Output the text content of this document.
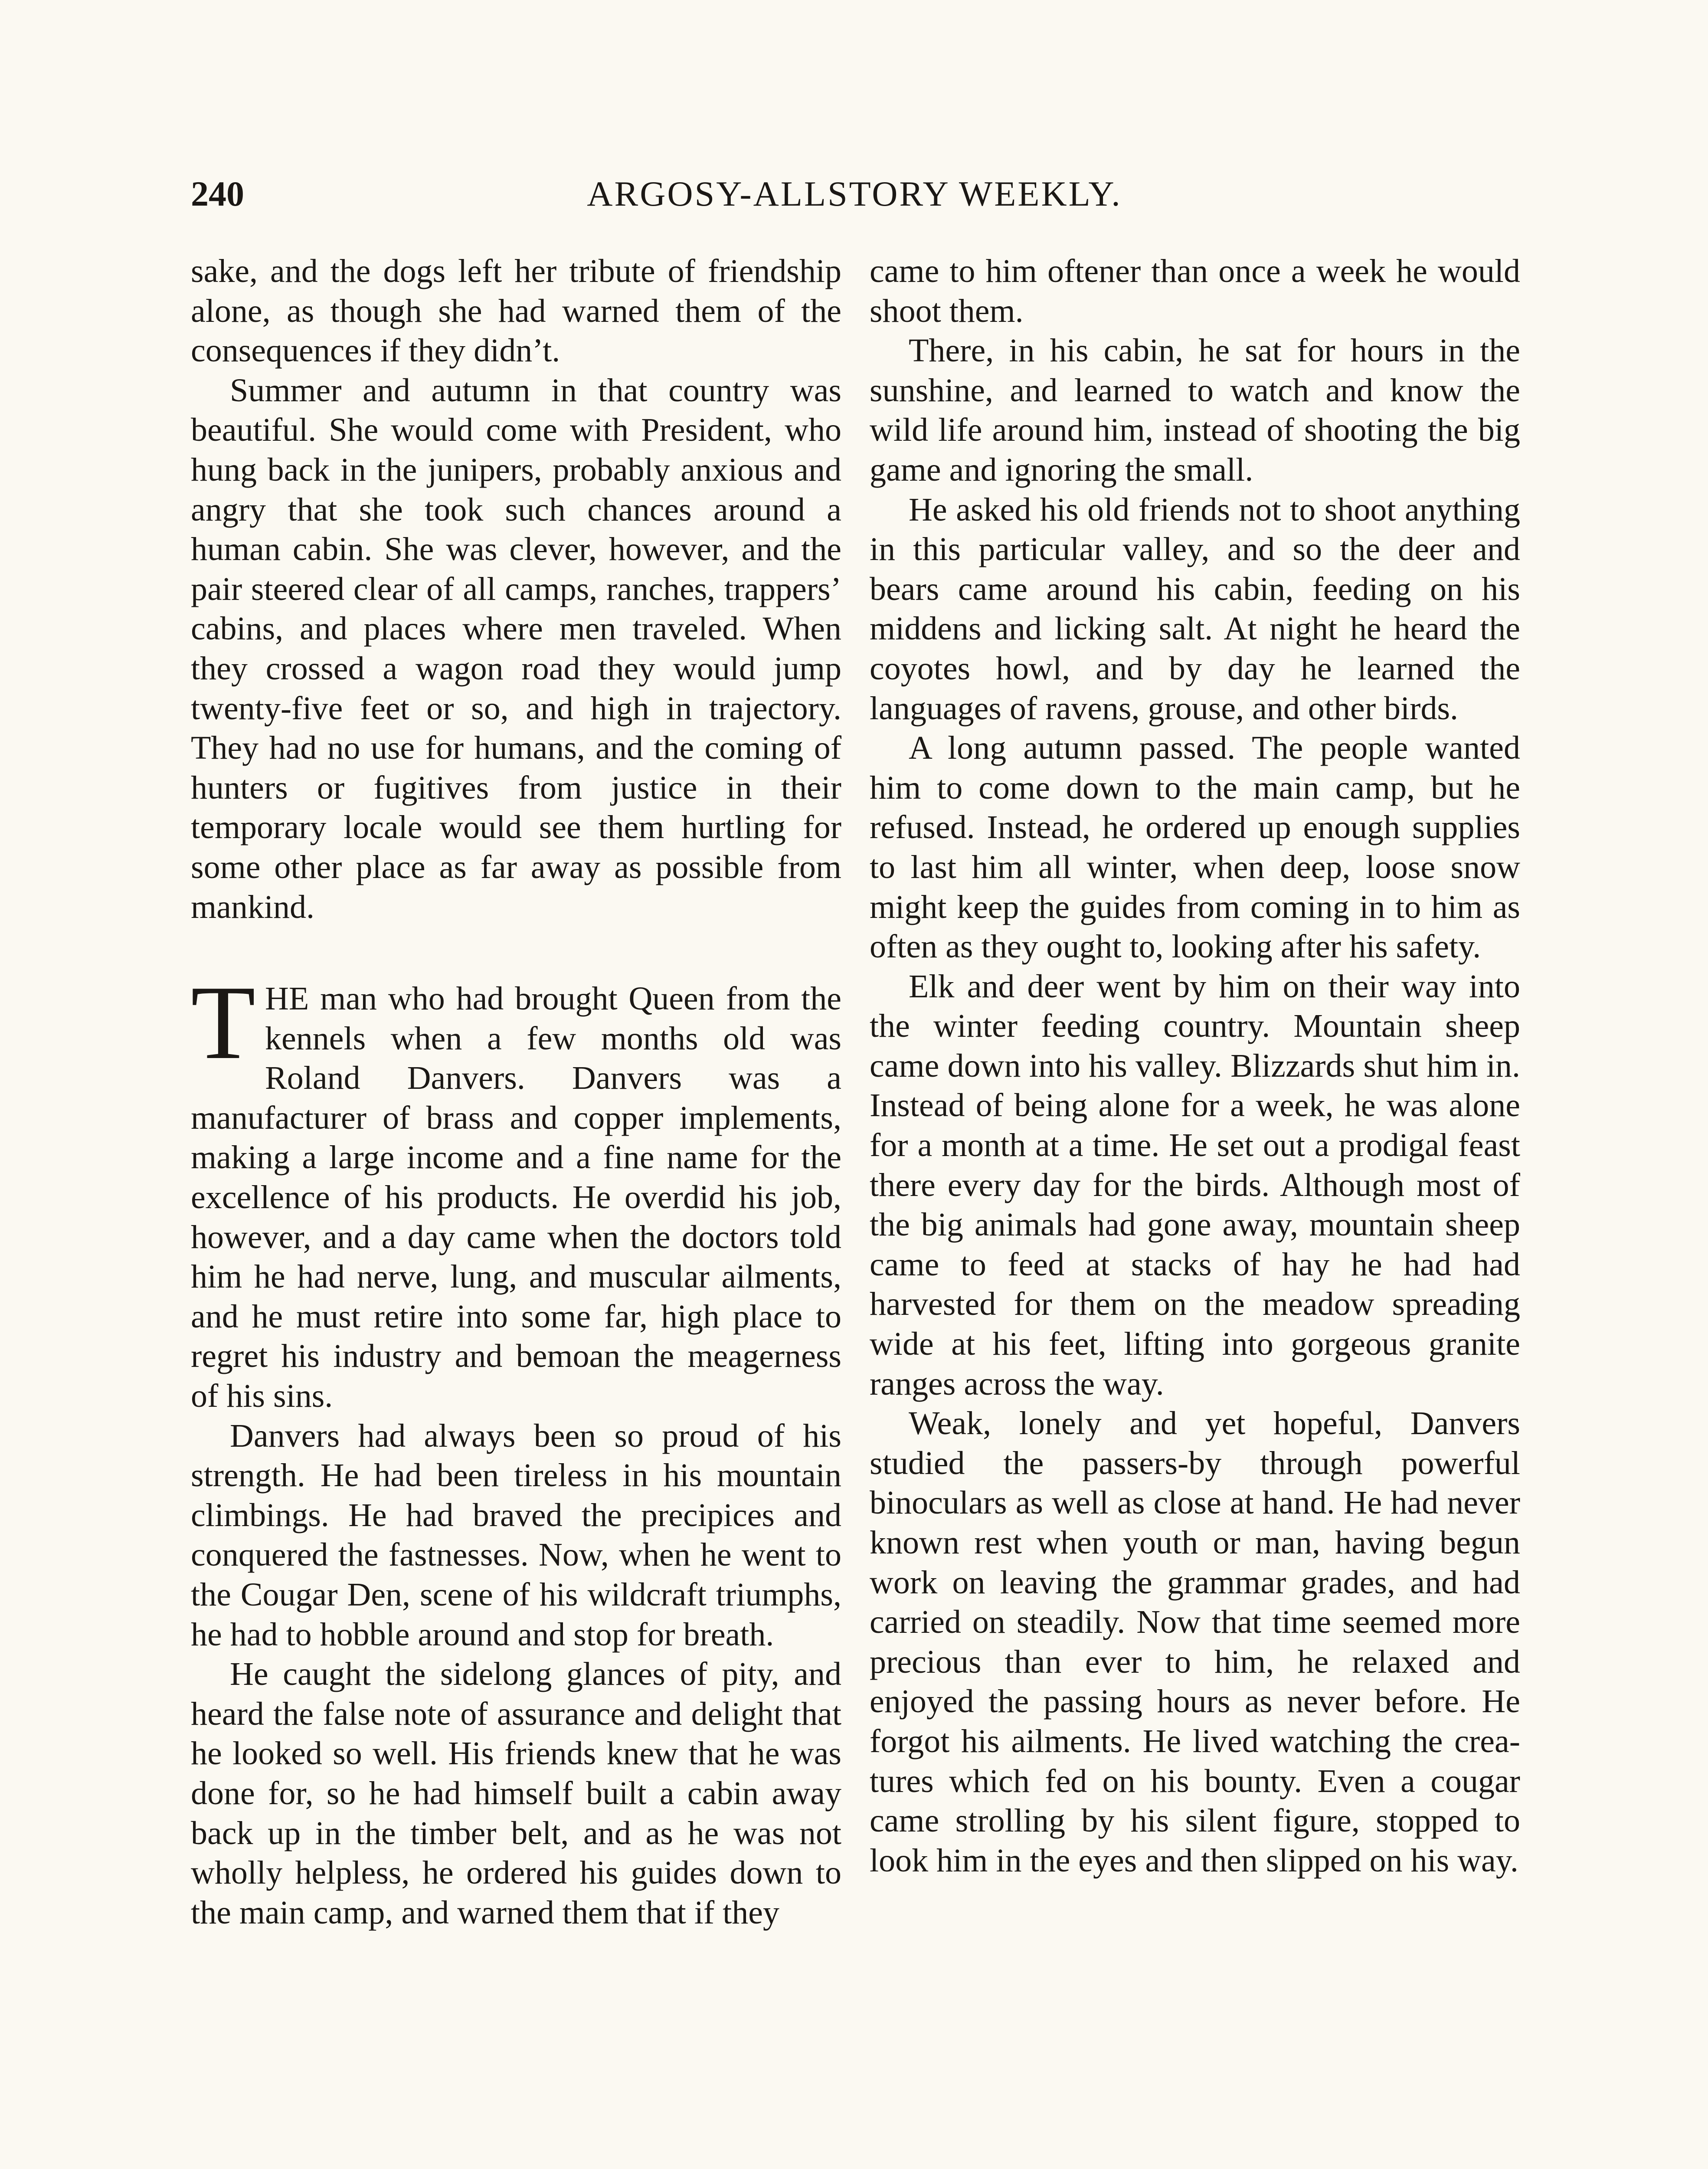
240	ARGOSY-ALLSTORY WEEKLY.

sake, and the dogs left her tribute of friendship alone, as though she had warned them of the consequences if they didn’t.

Summer and autumn in that country was beautiful. She would come with President, who hung back in the junipers, probably anxious and angry that she took such chances around a human cabin. She was clever, however, and the pair steered clear of all camps, ranches, trappers’ cabins, and places where men traveled. When they crossed a wagon road they would jump twenty-five feet or so, and high in trajectory. They had no use for humans, and the coming of hunters or fugitives from justice in their temporary locale would see them hurtling for some other place as far away as possible from mankind.

THE man who had brought Queen from the kennels when a few months old was Roland Danvers. Danvers was a manufacturer of brass and copper implements, making a large income and a fine name for the excellence of his products. He overdid his job, however, and a day came when the doctors told him he had nerve, lung, and muscular ailments, and he must retire into some far, high place to regret his industry and bemoan the meagerness of his sins.

Danvers had always been so proud of his strength. He had been tireless in his mountain climbings. He had braved the precipices and conquered the fastnesses. Now, when he went to the Cougar Den, scene of his wildcraft triumphs, he had to hobble around and stop for breath.

He caught the sidelong glances of pity, and heard the false note of assurance and delight that he looked so well. His friends knew that he was done for, so he had himself built a cabin away back up in the timber belt, and as he was not wholly helpless, he ordered his guides down to the main camp, and warned them that if they

came to him oftener than once a week he would shoot them.

There, in his cabin, he sat for hours in the sunshine, and learned to watch and know the wild life around him, instead of shooting the big game and ignoring the small.

He asked his old friends not to shoot anything in this particular valley, and so the deer and bears came around his cabin, feeding on his middens and licking salt. At night he heard the coyotes howl, and by day he learned the languages of ravens, grouse, and other birds.

A long autumn passed. The people wanted him to come down to the main camp, but he refused. Instead, he ordered up enough supplies to last him all winter, when deep, loose snow might keep the guides from coming in to him as often as they ought to, looking after his safety.

Elk and deer went by him on their way into the winter feeding country. Mountain sheep came down into his valley. Blizzards shut him in. Instead of being alone for a week, he was alone for a month at a time. He set out a prodigal feast there every day for the birds. Although most of the big animals had gone away, mountain sheep came to feed at stacks of hay he had had harvested for them on the meadow spreading wide at his feet, lifting into gorgeous granite ranges across the way.

Weak, lonely and yet hopeful, Danvers studied the passers-by through powerful binoculars as well as close at hand. He had never known rest when youth or man, having begun work on leaving the grammar grades, and had carried on steadily. Now that time seemed more precious than ever to him, he relaxed and enjoyed the passing hours as never before. He forgot his ailments. He lived watching the creatures which fed on his bounty. Even a cougar came strolling by his silent figure, stopped to look him in the eyes and then slipped on his way.
